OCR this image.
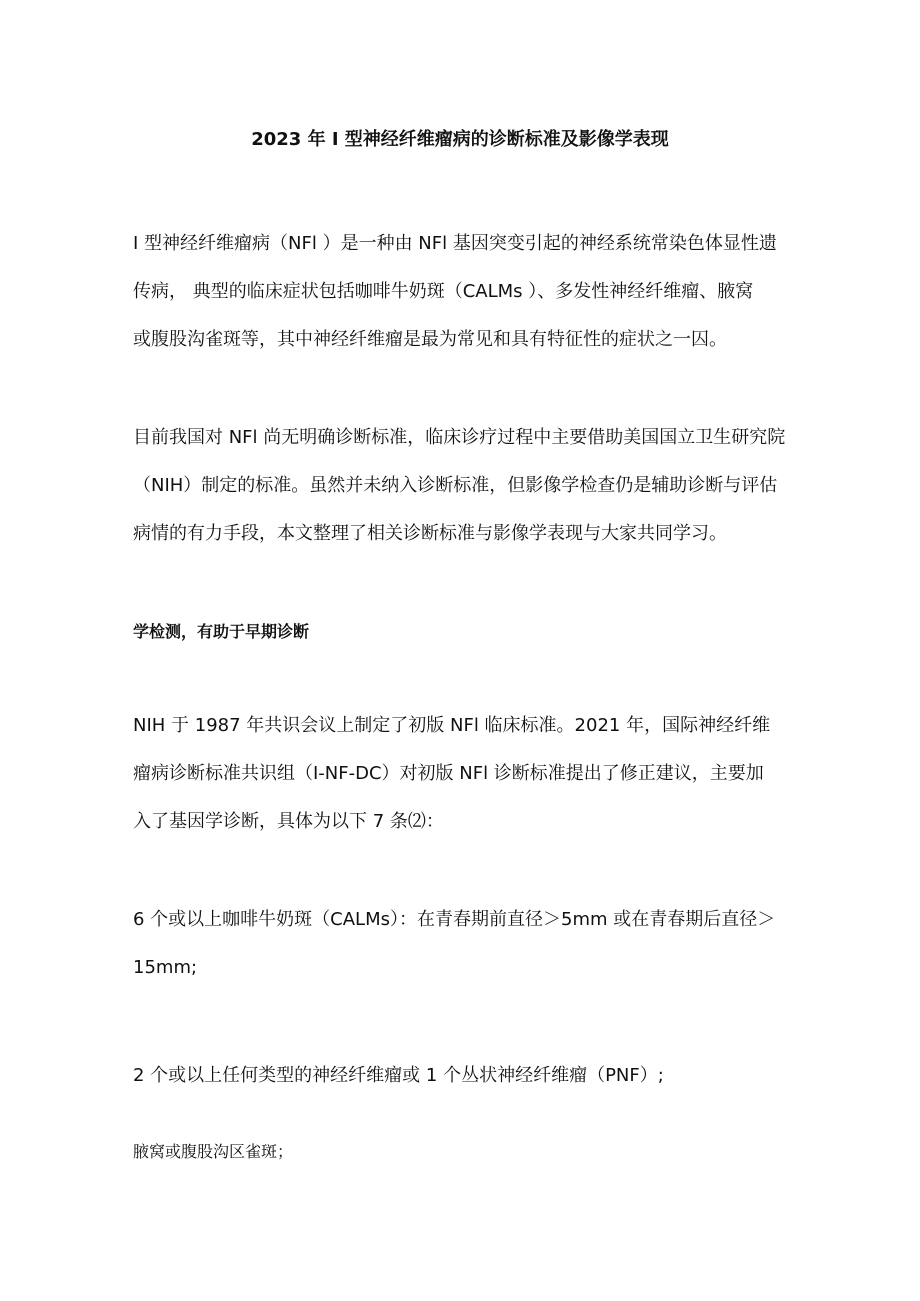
2023 年 I 型神经纤维瘤病的诊断标准及影像学表现

I 型神经纤维瘤病（NFl ）是一种由 NFl 基因突变引起的神经系统常染色体显性遗
传病， 典型的临床症状包括咖啡牛奶斑（CALMs ）、多发性神经纤维瘤、腋窝
或腹股沟雀斑等，其中神经纤维瘤是最为常见和具有特征性的症状之一囚。

目前我国对 NFl 尚无明确诊断标准，临床诊疗过程中主要借助美国国立卫生研究院
（NIH）制定的标准。虽然并未纳入诊断标准，但影像学检查仍是辅助诊断与评估
病情的有力手段，本文整理了相关诊断标准与影像学表现与大家共同学习。

学检测，有助于早期诊断

NIH 于 1987 年共识会议上制定了初版 NFl 临床标准。2021 年，国际神经纤维
瘤病诊断标准共识组（I-NF-DC）对初版 NFl 诊断标准提出了修正建议，主要加
入了基因学诊断，具体为以下 7 条⑵：

6 个或以上咖啡牛奶斑（CALMs）：在青春期前直径＞5mm 或在青春期后直径＞
15mm;

2 个或以上任何类型的神经纤维瘤或 1 个丛状神经纤维瘤（PNF）;

腋窝或腹股沟区雀斑；
